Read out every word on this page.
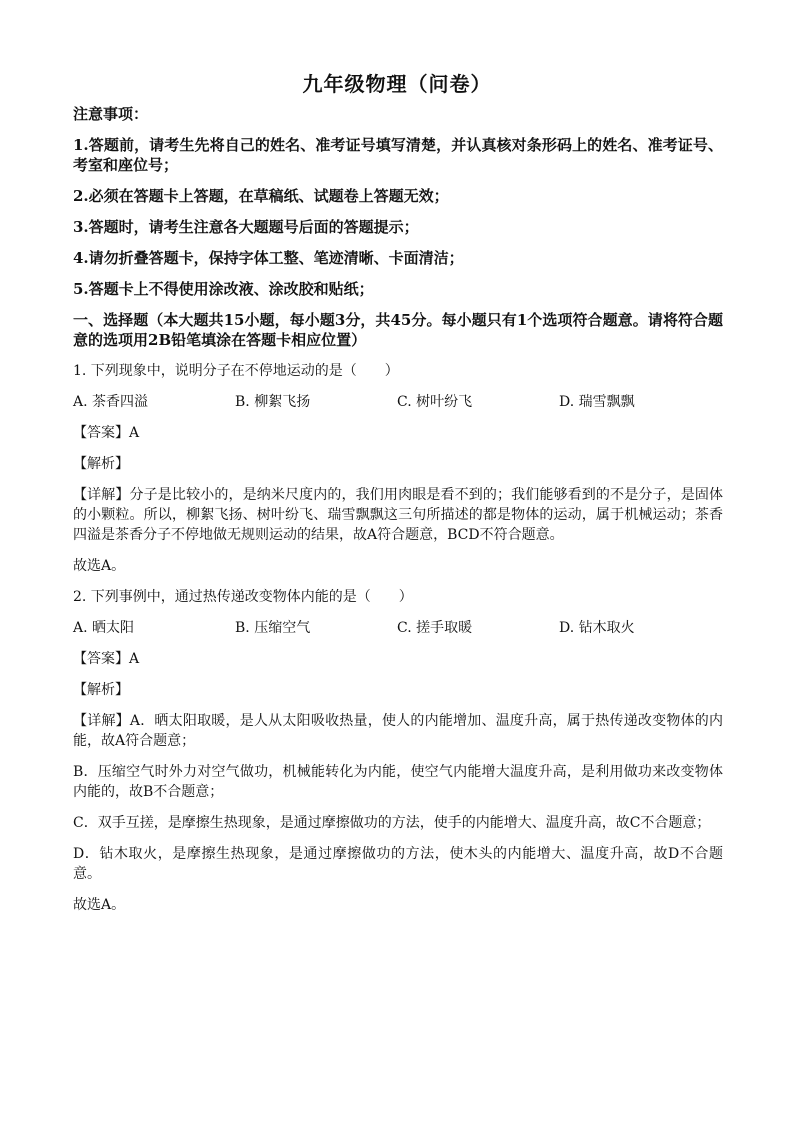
九年级物理（问卷）
注意事项：
1.答题前，请考生先将自己的姓名、准考证号填写清楚，并认真核对条形码上的姓名、准考证号、考室和座位号；
2.必须在答题卡上答题，在草稿纸、试题卷上答题无效；
3.答题时，请考生注意各大题题号后面的答题提示；
4.请勿折叠答题卡，保持字体工整、笔迹清晰、卡面清洁；
5.答题卡上不得使用涂改液、涂改胶和贴纸；
一、选择题（本大题共15小题，每小题3分，共45分。每小题只有1个选项符合题意。请将符合题意的选项用2B铅笔填涂在答题卡相应位置）
1. 下列现象中，说明分子在不停地运动的是（　　）
A. 茶香四溢	B. 柳絮飞扬	C. 树叶纷飞	D. 瑞雪飘飘
【答案】A
【解析】
【详解】分子是比较小的，是纳米尺度内的，我们用肉眼是看不到的；我们能够看到的不是分子，是固体的小颗粒。所以，柳絮飞扬、树叶纷飞、瑞雪飘飘这三句所描述的都是物体的运动，属于机械运动；茶香四溢是茶香分子不停地做无规则运动的结果，故A符合题意，BCD不符合题意。
故选A。
2. 下列事例中，通过热传递改变物体内能的是（　　）
A. 晒太阳	B. 压缩空气	C. 搓手取暖	D. 钻木取火
【答案】A
【解析】
【详解】A．晒太阳取暖，是人从太阳吸收热量，使人的内能增加、温度升高，属于热传递改变物体的内能，故A符合题意；
B．压缩空气时外力对空气做功，机械能转化为内能，使空气内能增大温度升高，是利用做功来改变物体内能的，故B不合题意；
C．双手互搓，是摩擦生热现象，是通过摩擦做功的方法，使手的内能增大、温度升高，故C不合题意；
D．钻木取火，是摩擦生热现象，是通过摩擦做功的方法，使木头的内能增大、温度升高，故D不合题意。
故选A。
